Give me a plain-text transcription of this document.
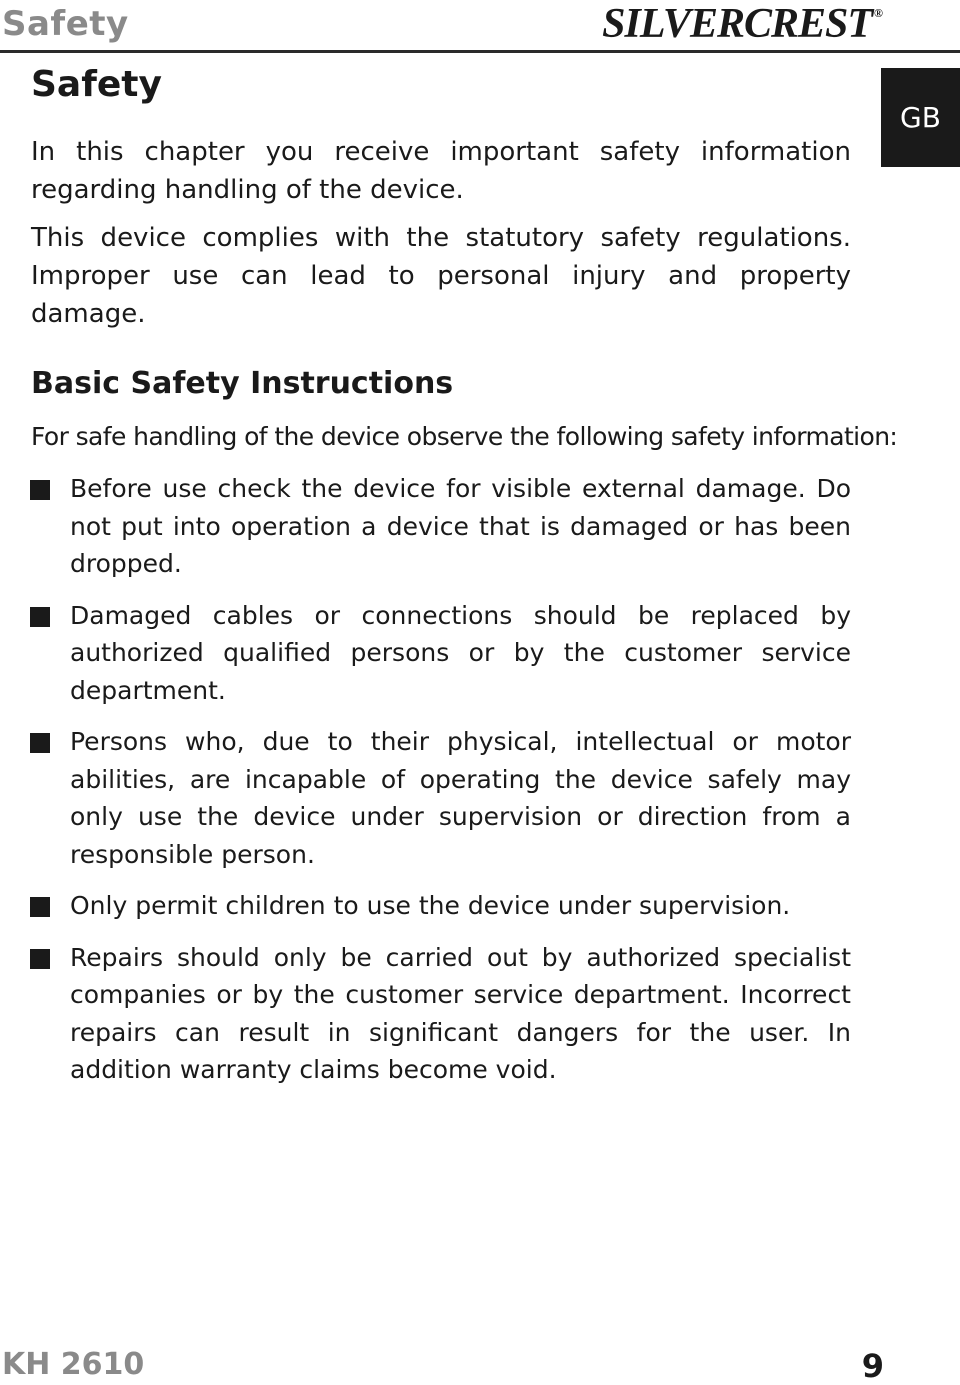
Safety	SILVERCREST ®
GB
Safety

In this chapter you receive important safety information regarding handling of the device.

This device complies with the statutory safety regulations. Improper use can lead to personal injury and property damage.

Basic Safety Instructions

For safe handling of the device observe the following safety information:

Before use check the device for visible external damage. Do not put into operation a device that is damaged or has been dropped.
Damaged cables or connections should be replaced by authorized qualified persons or by the customer service department.
Persons who, due to their physical, intellectual or motor abilities, are incapable of operating the device safely may only use the device under supervision or direction from a responsible person.
Only permit children to use the device under supervision.
Repairs should only be carried out by authorized specialist companies or by the customer service department. Incorrect repairs can result in significant dangers for the user. In addition warranty claims become void.
KH 2610	9
